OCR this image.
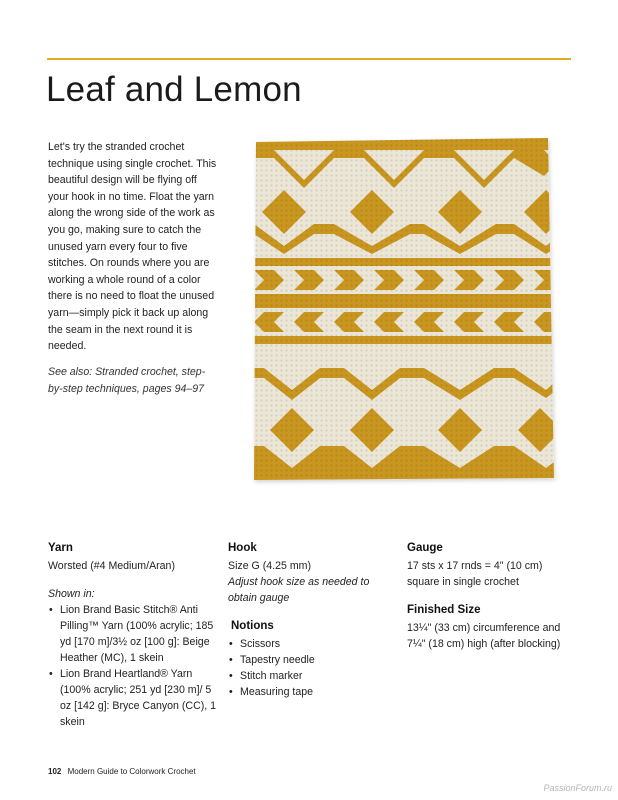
Leaf and Lemon

Let's try the stranded crochet technique using single crochet. This beautiful design will be flying off your hook in no time. Float the yarn along the wrong side of the work as you go, making sure to catch the unused yarn every four to five stitches. On rounds where you are working a whole round of a color there is no need to float the unused yarn—simply pick it back up along the seam in the next round it is needed.

See also: Stranded crochet, step-by-step techniques, pages 94–97

Yarn
Worsted (#4 Medium/Aran)
Shown in:
• Lion Brand Basic Stitch® Anti Pilling™ Yarn (100% acrylic; 185 yd [170 m]/3½ oz [100 g]: Beige Heather (MC), 1 skein
• Lion Brand Heartland® Yarn (100% acrylic; 251 yd [230 m]/ 5 oz [142 g]: Bryce Canyon (CC), 1 skein
Hook
Size G (4.25 mm)
Adjust hook size as needed to obtain gauge
Notions
• Scissors
• Tapestry needle
• Stitch marker
• Measuring tape
Gauge
17 sts x 17 rnds = 4" (10 cm) square in single crochet
Finished Size
13¼" (33 cm) circumference and 7¼" (18 cm) high (after blocking)
102 Modern Guide to Colorwork Crochet
PassionForum.ru
